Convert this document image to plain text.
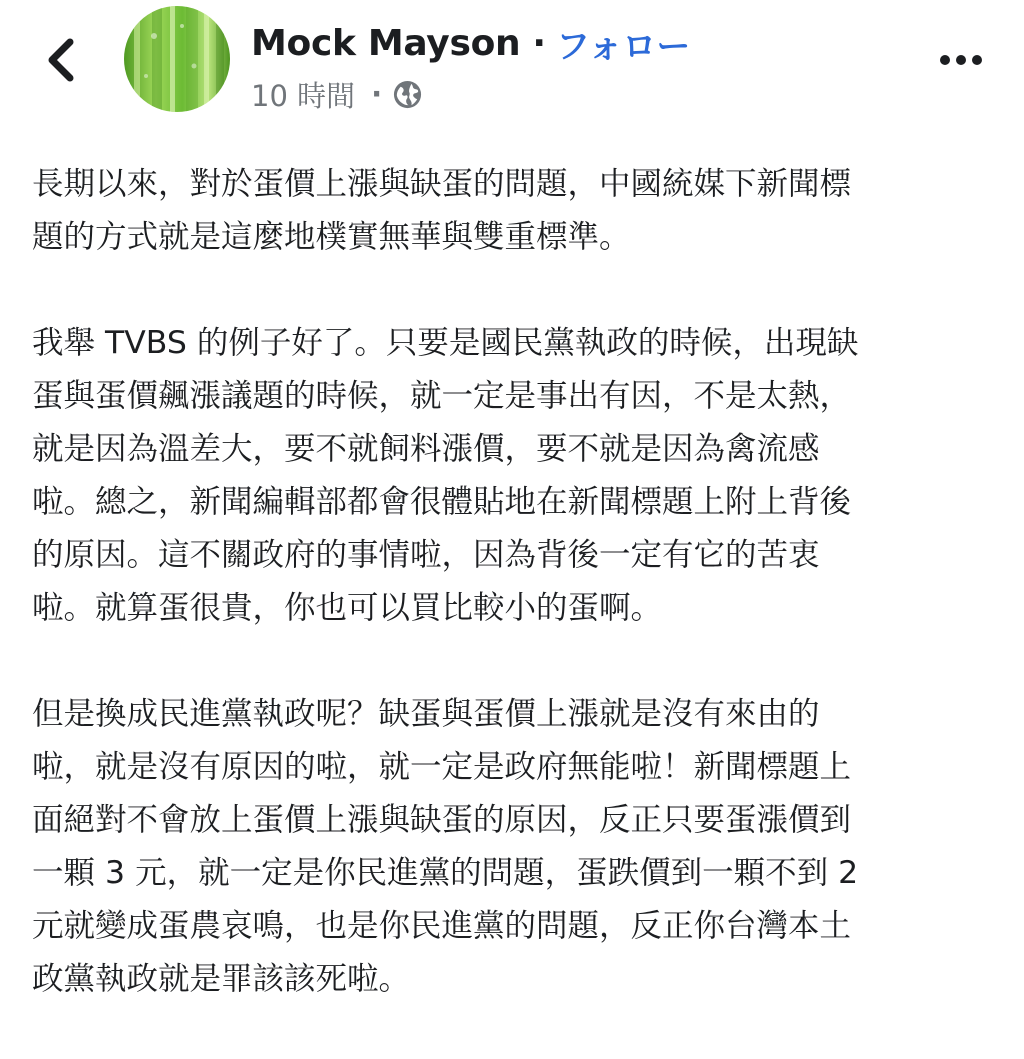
Mock Mayson · フォロー
10 時間 ·

長期以來，對於蛋價上漲與缺蛋的問題，中國統媒下新聞標
題的方式就是這麼地樸實無華與雙重標準。

我舉 TVBS 的例子好了。只要是國民黨執政的時候，出現缺
蛋與蛋價飆漲議題的時候，就一定是事出有因，不是太熱，
就是因為溫差大，要不就飼料漲價，要不就是因為禽流感
啦。總之，新聞編輯部都會很體貼地在新聞標題上附上背後
的原因。這不關政府的事情啦，因為背後一定有它的苦衷
啦。就算蛋很貴，你也可以買比較小的蛋啊。

但是換成民進黨執政呢？缺蛋與蛋價上漲就是沒有來由的
啦，就是沒有原因的啦，就一定是政府無能啦！新聞標題上
面絕對不會放上蛋價上漲與缺蛋的原因，反正只要蛋漲價到
一顆 3 元，就一定是你民進黨的問題，蛋跌價到一顆不到 2
元就變成蛋農哀鳴，也是你民進黨的問題，反正你台灣本土
政黨執政就是罪該該死啦。
